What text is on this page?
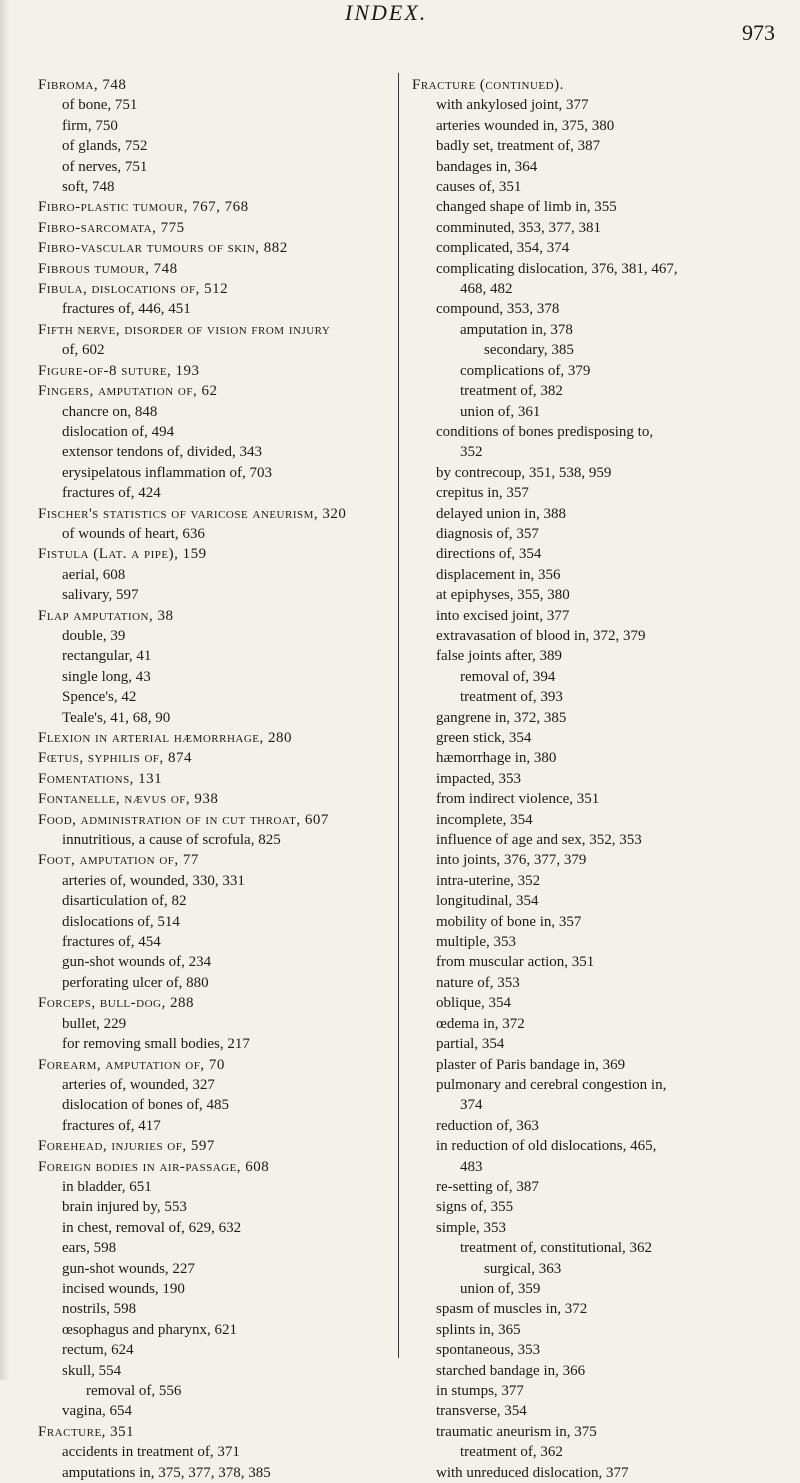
INDEX.
973
Fibroma, 748
of bone, 751
firm, 750
of glands, 752
of nerves, 751
soft, 748
Fibro-plastic tumour, 767, 768
Fibro-sarcomata, 775
Fibro-vascular tumours of skin, 882
Fibrous tumour, 748
Fibula, dislocations of, 512
fractures of, 446, 451
Fifth nerve, disorder of vision from injury
of, 602
Figure-of-8 suture, 193
Fingers, amputation of, 62
chancre on, 848
dislocation of, 494
extensor tendons of, divided, 343
erysipelatous inflammation of, 703
fractures of, 424
Fischer's statistics of varicose aneurism, 320
of wounds of heart, 636
Fistula (Lat. a pipe), 159
aerial, 608
salivary, 597
Flap amputation, 38
double, 39
rectangular, 41
single long, 43
Spence's, 42
Teale's, 41, 68, 90
Flexion in arterial hæmorrhage, 280
Fœtus, syphilis of, 874
Fomentations, 131
Fontanelle, nævus of, 938
Food, administration of in cut throat, 607
innutritious, a cause of scrofula, 825
Foot, amputation of, 77
arteries of, wounded, 330, 331
disarticulation of, 82
dislocations of, 514
fractures of, 454
gun-shot wounds of, 234
perforating ulcer of, 880
Forceps, bull-dog, 288
bullet, 229
for removing small bodies, 217
Forearm, amputation of, 70
arteries of, wounded, 327
dislocation of bones of, 485
fractures of, 417
Forehead, injuries of, 597
Foreign bodies in air-passage, 608
in bladder, 651
brain injured by, 553
in chest, removal of, 629, 632
ears, 598
gun-shot wounds, 227
incised wounds, 190
nostrils, 598
œsophagus and pharynx, 621
rectum, 624
skull, 554
removal of, 556
vagina, 654
Fracture, 351
accidents in treatment of, 371
amputations in, 375, 377, 378, 385
Fracture (continued).
with ankylosed joint, 377
arteries wounded in, 375, 380
badly set, treatment of, 387
bandages in, 364
causes of, 351
changed shape of limb in, 355
comminuted, 353, 377, 381
complicated, 354, 374
complicating dislocation, 376, 381, 467,
468, 482
compound, 353, 378
amputation in, 378
secondary, 385
complications of, 379
treatment of, 382
union of, 361
conditions of bones predisposing to,
352
by contrecoup, 351, 538, 959
crepitus in, 357
delayed union in, 388
diagnosis of, 357
directions of, 354
displacement in, 356
at epiphyses, 355, 380
into excised joint, 377
extravasation of blood in, 372, 379
false joints after, 389
removal of, 394
treatment of, 393
gangrene in, 372, 385
green stick, 354
hæmorrhage in, 380
impacted, 353
from indirect violence, 351
incomplete, 354
influence of age and sex, 352, 353
into joints, 376, 377, 379
intra-uterine, 352
longitudinal, 354
mobility of bone in, 357
multiple, 353
from muscular action, 351
nature of, 353
oblique, 354
œdema in, 372
partial, 354
plaster of Paris bandage in, 369
pulmonary and cerebral congestion in,
374
reduction of, 363
in reduction of old dislocations, 465,
483
re-setting of, 387
signs of, 355
simple, 353
treatment of, constitutional, 362
surgical, 363
union of, 359
spasm of muscles in, 372
splints in, 365
spontaneous, 353
starched bandage in, 366
in stumps, 377
transverse, 354
traumatic aneurism in, 375
treatment of, 362
with unreduced dislocation, 377
